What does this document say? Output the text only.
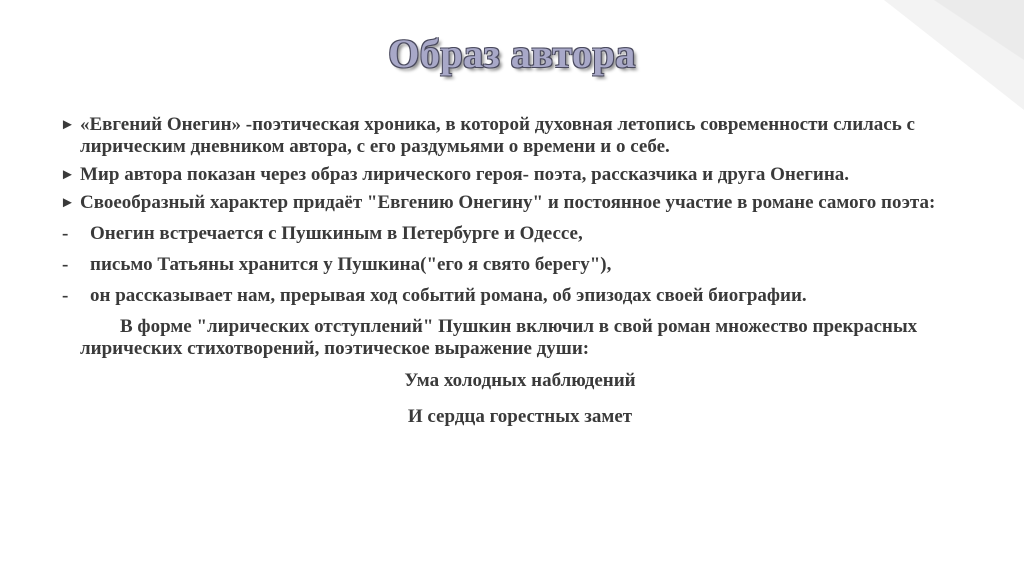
Образ автора
► «Евгений Онегин» -поэтическая хроника, в которой духовная летопись современности слилась с лирическим дневником автора, с его раздумьями о времени и о себе.
► Мир автора показан через образ лирического героя- поэта, рассказчика и друга Онегина.
► Своеобразный характер придаёт "Евгению Онегину" и постоянное участие в романе самого поэта:
- Онегин встречается с Пушкиным в Петербурге и Одессе,
- письмо Татьяны хранится у Пушкина("его я свято берегу"),
- он рассказывает нам, прерывая ход событий романа, об эпизодах своей биографии.
В форме "лирических отступлений" Пушкин включил в свой роман множество прекрасных лирических стихотворений, поэтическое выражение души:
Ума холодных наблюдений
И сердца горестных замет
